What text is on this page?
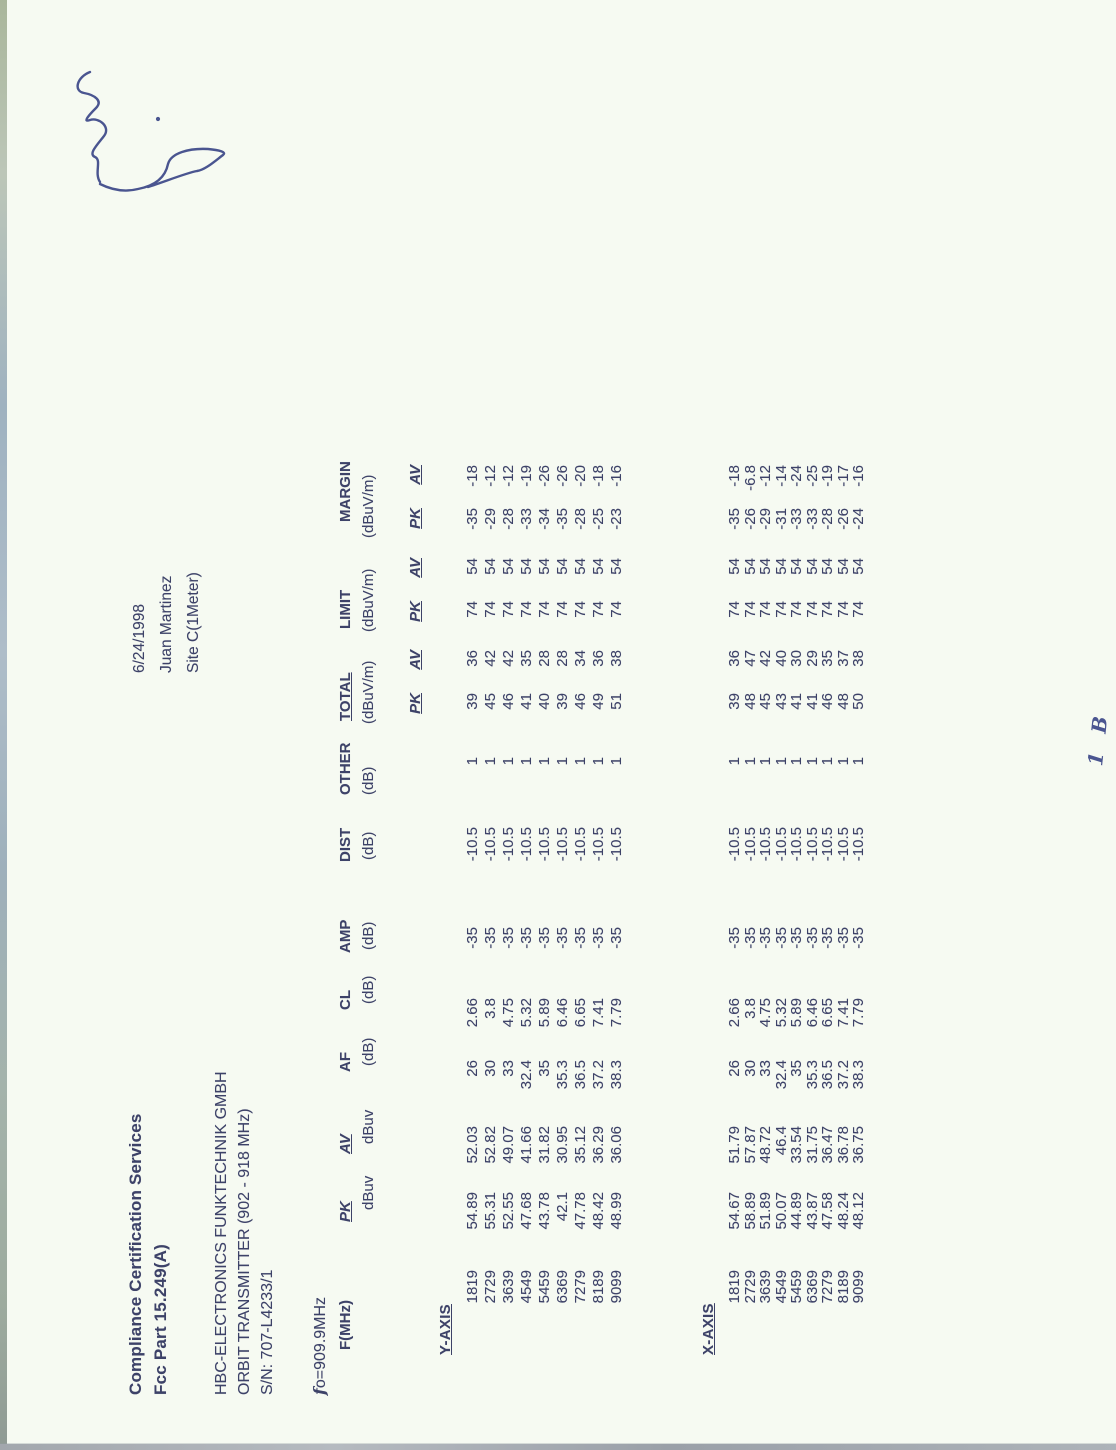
Compliance Certification Services Fcc Part 15.249(A)
6/24/1998 Juan Martinez Site C(1Meter)
HBC-ELECTRONICS FUNKTECHNIK GMBH ORBIT TRANSMITTER (902 - 918 MHz) S/N: 707-L4233/1 fo=909.9MHz F(MHz)
PK
AV
AF
CL
AMP
DIST
OTHER
TOTAL
LIMIT
MARGIN
dBuv
dBuv
(dB)
(dB)
(dB)
(dB)
(dB)
(dBuV/m)
(dBuV/m)
(dBuV/m)
PK
AV
PK
AV
PK
AV
Y-AXIS
1819
54.89
52.03
26
2.66
-35
-10.5
1
39
36
74
54
-35
-18
2729
55.31
52.82
30
3.8
-35
-10.5
1
45
42
74
54
-29
-12
3639
52.55
49.07
33
4.75
-35
-10.5
1
46
42
74
54
-28
-12
4549
47.68
41.66
32.4
5.32
-35
-10.5
1
41
35
74
54
-33
-19
5459
43.78
31.82
35
5.89
-35
-10.5
1
40
28
74
54
-34
-26
6369
42.1
30.95
35.3
6.46
-35
-10.5
1
39
28
74
54
-35
-26
7279
47.78
35.12
36.5
6.65
-35
-10.5
1
46
34
74
54
-28
-20
8189
48.42
36.29
37.2
7.41
-35
-10.5
1
49
36
74
54
-25
-18
9099
48.99
36.06
38.3
7.79
-35
-10.5
1
51
38
74
54
-23
-16
X-AXIS
1819
54.67
51.79
26
2.66
-35
-10.5
1
39
36
74
54
-35
-18
2729
58.89
57.87
30
3.8
-35
-10.5
1
48
47
74
54
-26
-6.8
3639
51.89
48.72
33
4.75
-35
-10.5
1
45
42
74
54
-29
-12
4549
50.07
46.4
32.4
5.32
-35
-10.5
1
43
40
74
54
-31
-14
5459
44.89
33.54
35
5.89
-35
-10.5
1
41
30
74
54
-33
-24
6369
43.87
31.75
35.3
6.46
-35
-10.5
1
41
29
74
54
-33
-25
7279
47.58
36.47
36.5
6.65
-35
-10.5
1
46
35
74
54
-28
-19
8189
48.24
36.78
37.2
7.41
-35
-10.5
1
48
37
74
54
-26
-17
9099
48.12
36.75
38.3
7.79
-35
-10.5
1
50
38
74
54
-24
-16
1 B
